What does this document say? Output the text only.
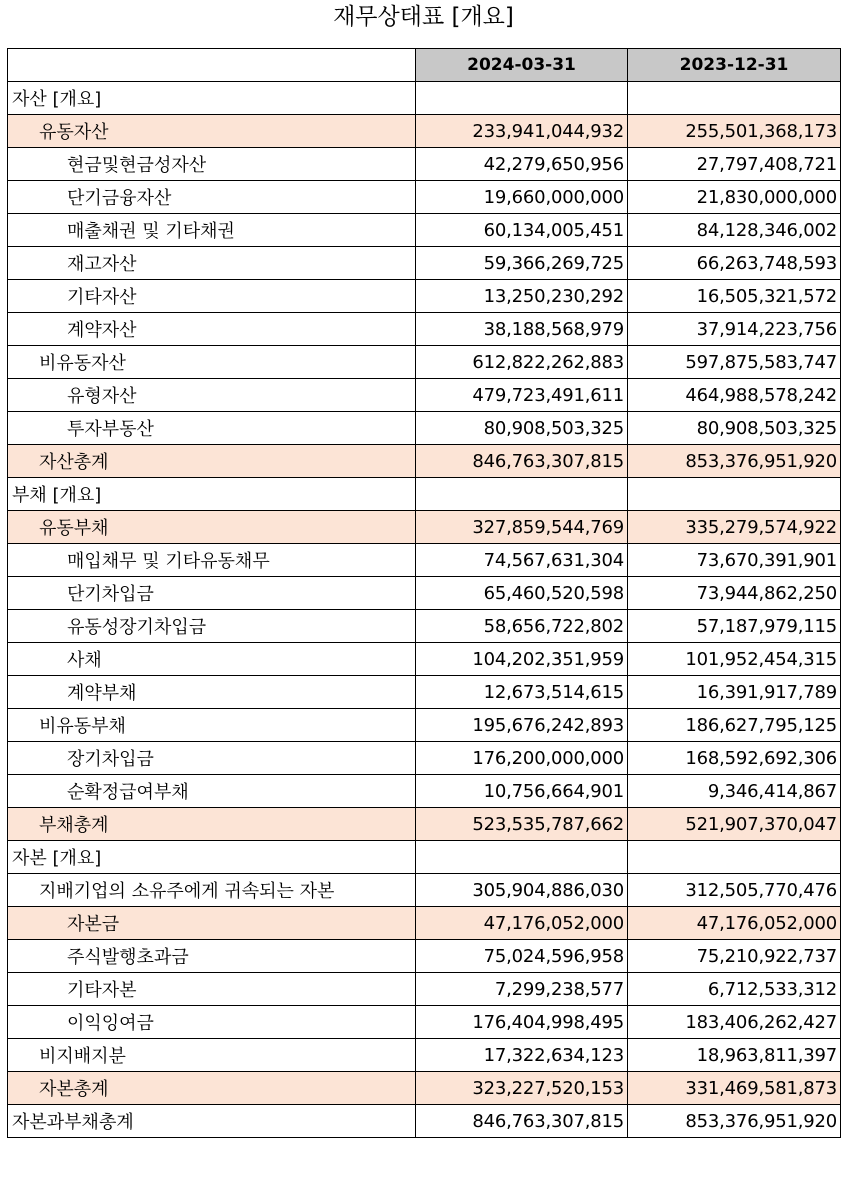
재무상태표 [개요]
	2024-03-31	2023-12-31
자산 [개요]		
유동자산	233,941,044,932	255,501,368,173
현금및현금성자산	42,279,650,956	27,797,408,721
단기금융자산	19,660,000,000	21,830,000,000
매출채권 및 기타채권	60,134,005,451	84,128,346,002
재고자산	59,366,269,725	66,263,748,593
기타자산	13,250,230,292	16,505,321,572
계약자산	38,188,568,979	37,914,223,756
비유동자산	612,822,262,883	597,875,583,747
유형자산	479,723,491,611	464,988,578,242
투자부동산	80,908,503,325	80,908,503,325
자산총계	846,763,307,815	853,376,951,920
부채 [개요]		
유동부채	327,859,544,769	335,279,574,922
매입채무 및 기타유동채무	74,567,631,304	73,670,391,901
단기차입금	65,460,520,598	73,944,862,250
유동성장기차입금	58,656,722,802	57,187,979,115
사채	104,202,351,959	101,952,454,315
계약부채	12,673,514,615	16,391,917,789
비유동부채	195,676,242,893	186,627,795,125
장기차입금	176,200,000,000	168,592,692,306
순확정급여부채	10,756,664,901	9,346,414,867
부채총계	523,535,787,662	521,907,370,047
자본 [개요]		
지배기업의 소유주에게 귀속되는 자본	305,904,886,030	312,505,770,476
자본금	47,176,052,000	47,176,052,000
주식발행초과금	75,024,596,958	75,210,922,737
기타자본	7,299,238,577	6,712,533,312
이익잉여금	176,404,998,495	183,406,262,427
비지배지분	17,322,634,123	18,963,811,397
자본총계	323,227,520,153	331,469,581,873
자본과부채총계	846,763,307,815	853,376,951,920
